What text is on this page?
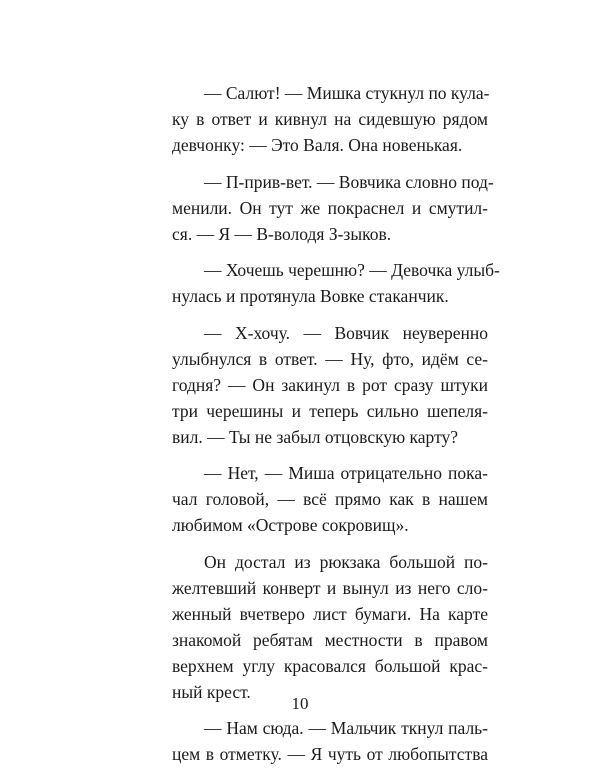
— Салют! — Мишка стукнул по кула-
ку в ответ и кивнул на сидевшую рядом
девчонку: — Это Валя. Она новенькая.

— П-прив-вет. — Вовчика словно под-
менили. Он тут же покраснел и смутил-
ся. — Я — В-володя З-зыков.

— Хочешь черешню? — Девочка улыб-
нулась и протянула Вовке стаканчик.

— Х-хочу. — Вовчик неуверенно
улыбнулся в ответ. — Ну, фто, идём се-
годня? — Он закинул в рот сразу штуки
три черешины и теперь сильно шепеля-
вил. — Ты не забыл отцовскую карту?

— Нет, — Миша отрицательно пока-
чал головой, — всё прямо как в нашем
любимом «Острове сокровищ».

Он достал из рюкзака большой по-
желтевший конверт и вынул из него сло-
женный вчетверо лист бумаги. На карте
знакомой ребятам местности в правом
верхнем углу красовался большой крас-
ный крест.

— Нам сюда. — Мальчик ткнул паль-
цем в отметку. — Я чуть от любопытства

10
